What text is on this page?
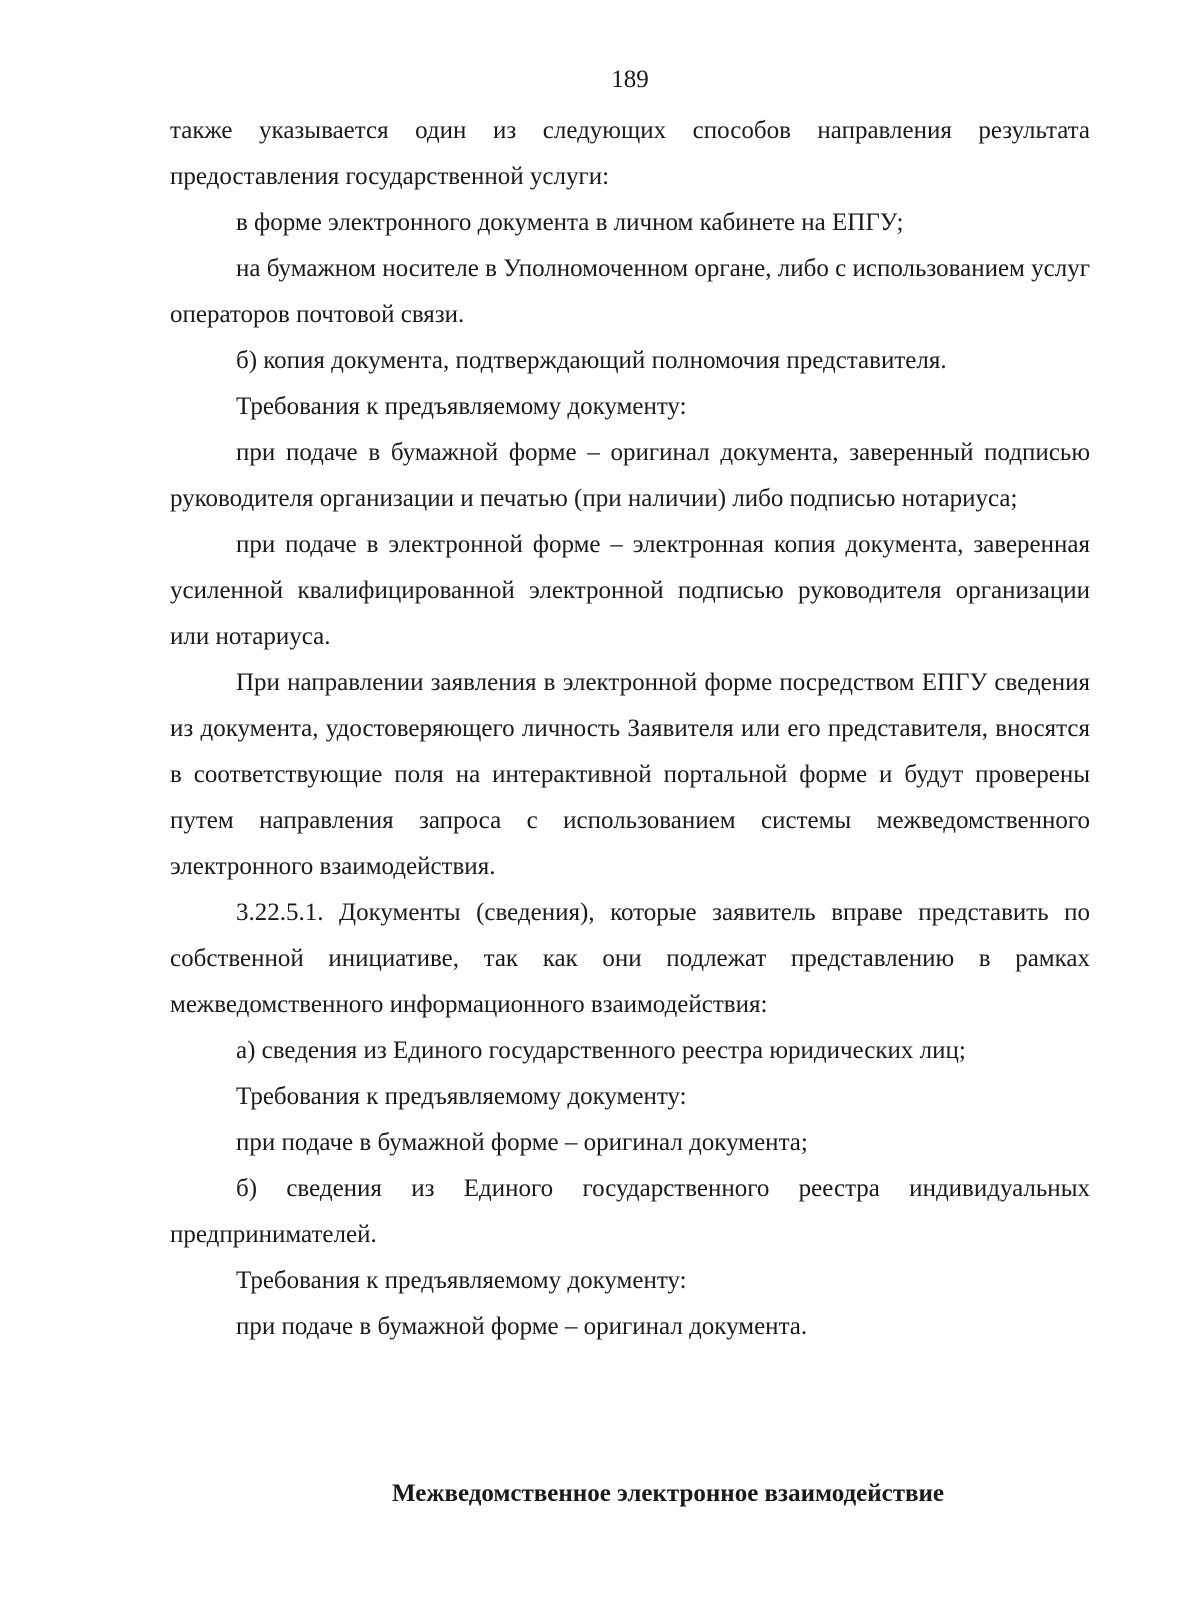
189

также указывается один из следующих способов направления результата предоставления государственной услуги:

в форме электронного документа в личном кабинете на ЕПГУ;

на бумажном носителе в Уполномоченном органе, либо с использованием услуг операторов почтовой связи.

б) копия документа, подтверждающий полномочия представителя.

Требования к предъявляемому документу:

при подаче в бумажной форме – оригинал документа, заверенный подписью руководителя организации и печатью (при наличии) либо подписью нотариуса;

при подаче в электронной форме – электронная копия документа, заверенная усиленной квалифицированной электронной подписью руководителя организации или нотариуса.

При направлении заявления в электронной форме посредством ЕПГУ сведения из документа, удостоверяющего личность Заявителя или его представителя, вносятся в соответствующие поля на интерактивной портальной форме и будут проверены путем направления запроса с использованием системы межведомственного электронного взаимодействия.

3.22.5.1. Документы (сведения), которые заявитель вправе представить по собственной инициативе, так как они подлежат представлению в рамках межведомственного информационного взаимодействия:

а) сведения из Единого государственного реестра юридических лиц;

Требования к предъявляемому документу:

при подаче в бумажной форме – оригинал документа;

б) сведения из Единого государственного реестра индивидуальных предпринимателей.

Требования к предъявляемому документу:

при подаче в бумажной форме – оригинал документа.

Межведомственное электронное взаимодействие
